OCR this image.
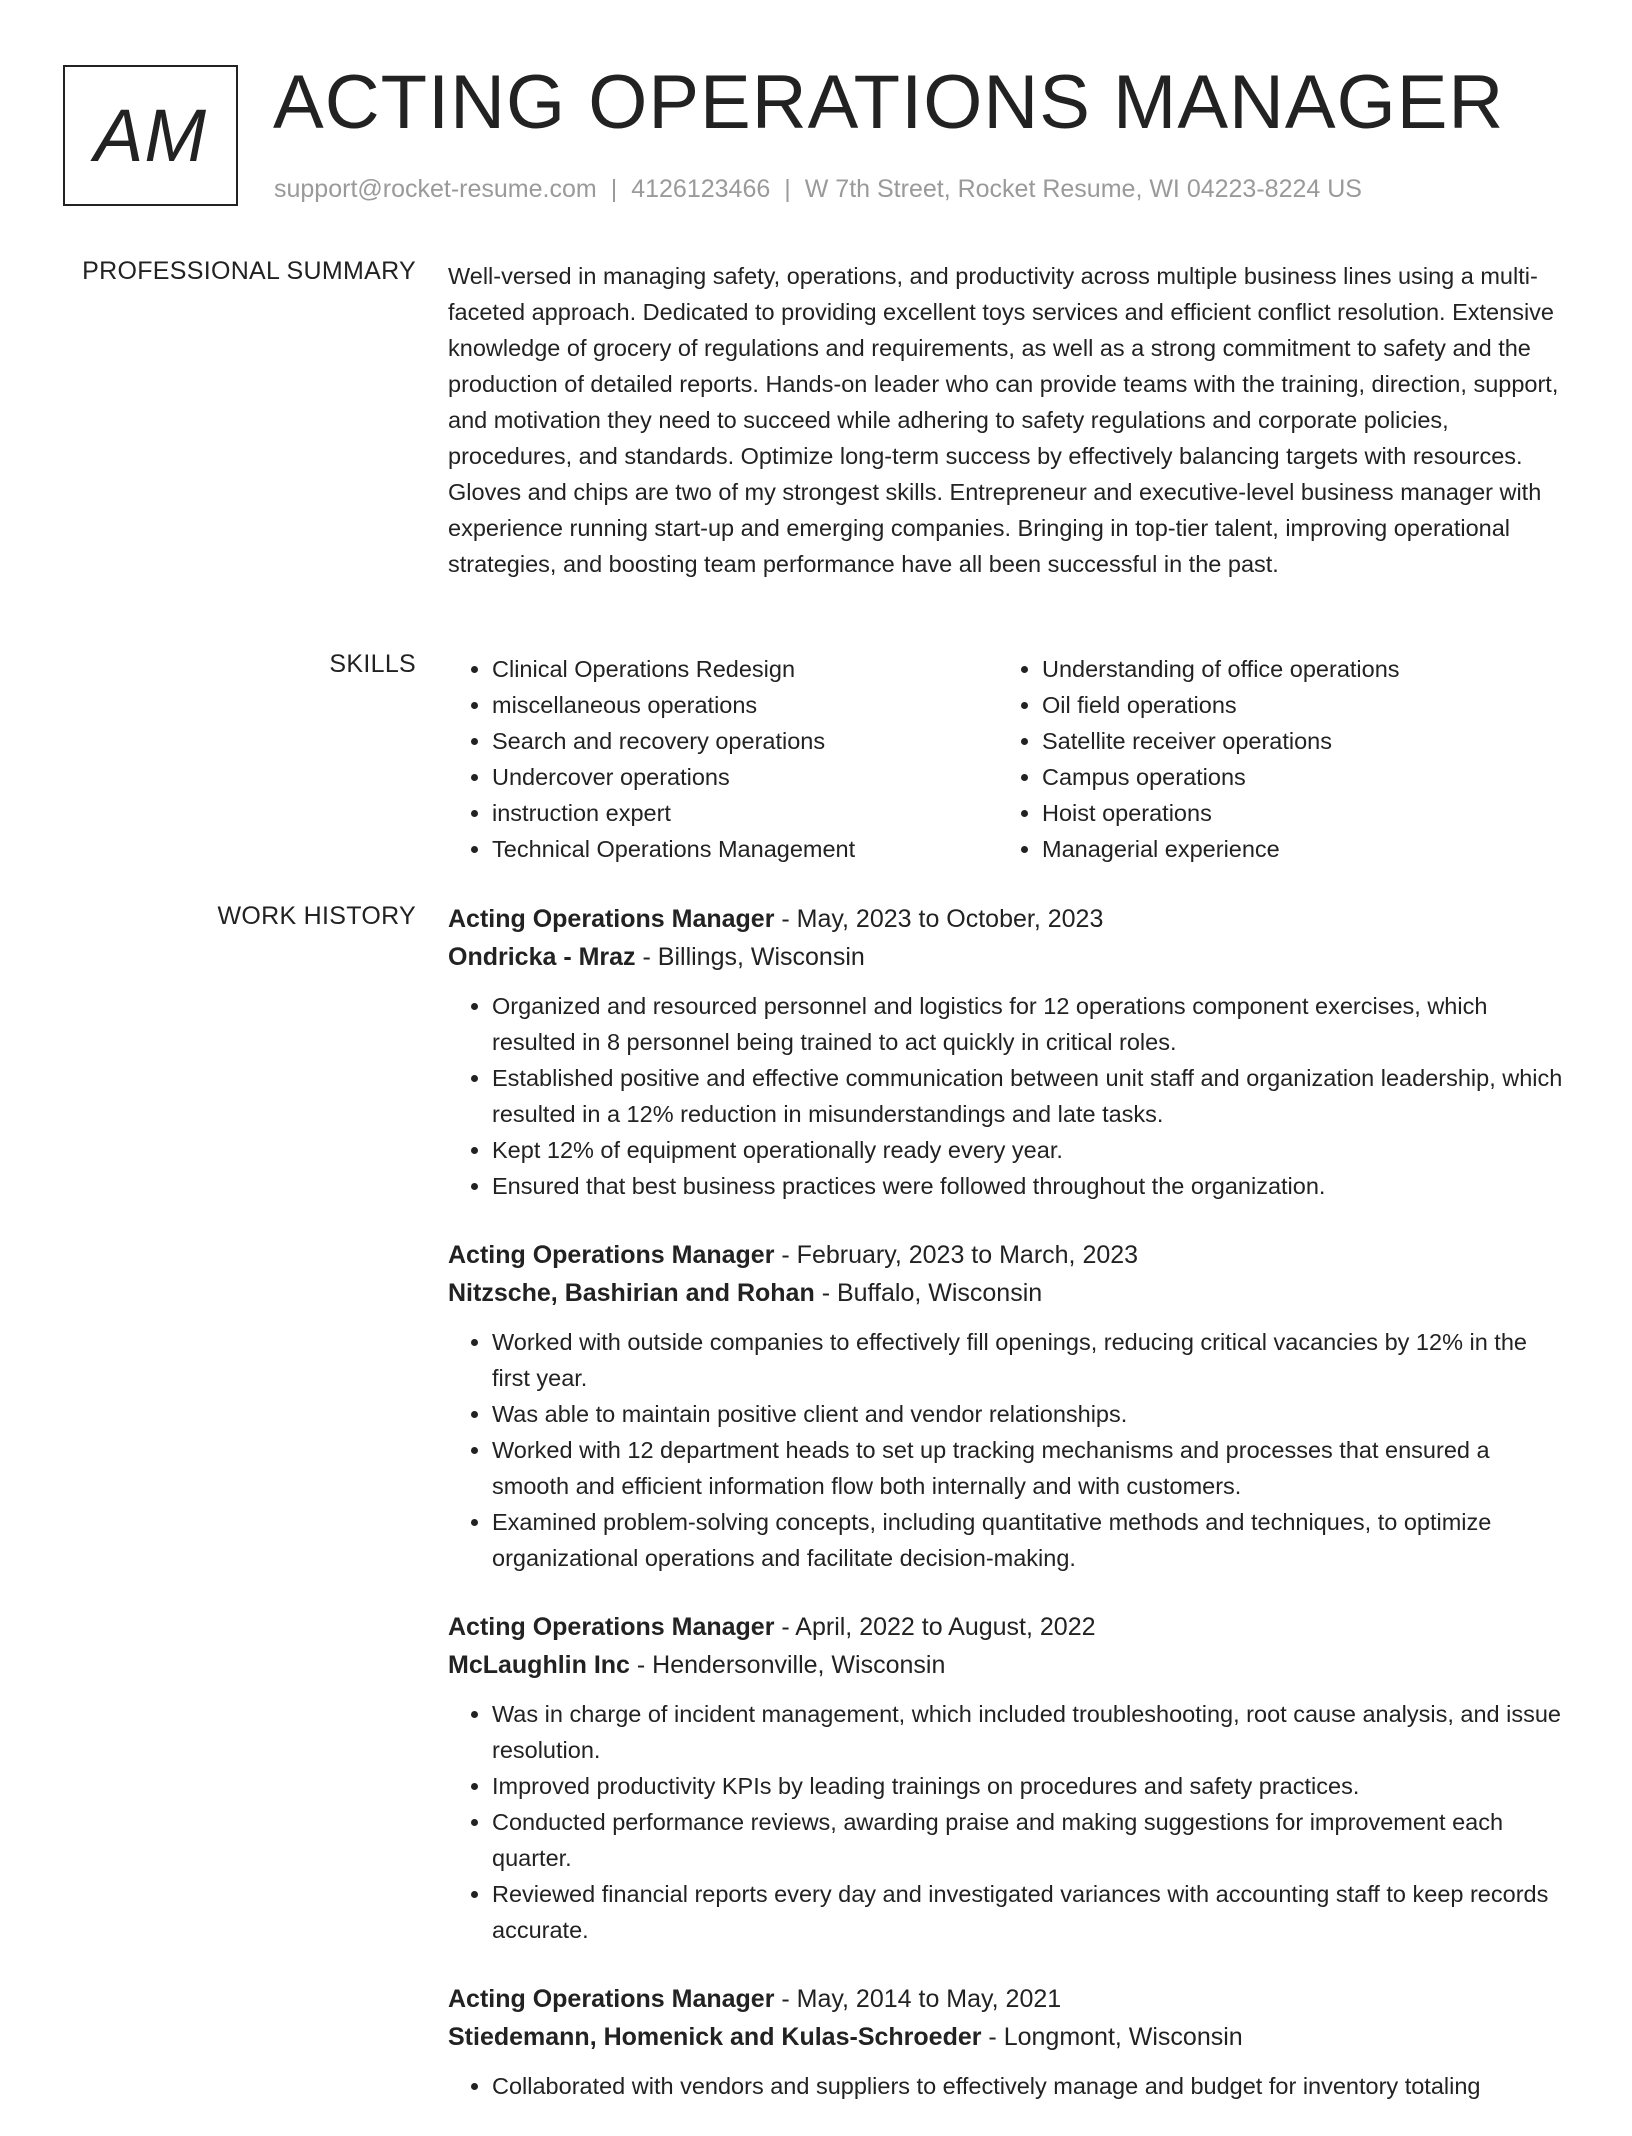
AM ACTING OPERATIONS MANAGER
support@rocket-resume.com | 4126123466 | W 7th Street, Rocket Resume, WI 04223-8224 US
PROFESSIONAL SUMMARY Well-versed in managing safety, operations, and productivity across multiple business lines using a multi-faceted approach. Dedicated to providing excellent toys services and efficient conflict resolution. Extensive knowledge of grocery of regulations and requirements, as well as a strong commitment to safety and the production of detailed reports. Hands-on leader who can provide teams with the training, direction, support, and motivation they need to succeed while adhering to safety regulations and corporate policies, procedures, and standards. Optimize long-term success by effectively balancing targets with resources. Gloves and chips are two of my strongest skills. Entrepreneur and executive-level business manager with experience running start-up and emerging companies. Bringing in top-tier talent, improving operational strategies, and boosting team performance have all been successful in the past.

SKILLS
•	Clinical Operations Redesign
• miscellaneous operations
• Search and recovery operations
• Undercover operations
• instruction expert
• Technical Operations Management
• Understanding of office operations
• Oil field operations
• Satellite receiver operations
• Campus operations
• Hoist operations
• Managerial experience
WORK HISTORY Acting Operations Manager - May, 2023 to October, 2023
Ondricka - Mraz - Billings, Wisconsin
• Organized and resourced personnel and logistics for 12 operations component exercises, which resulted in 8 personnel being trained to act quickly in critical roles.
• Established positive and effective communication between unit staff and organization leadership, which resulted in a 12% reduction in misunderstandings and late tasks.
• Kept 12% of equipment operationally ready every year.
• Ensured that best business practices were followed throughout the organization.
Acting Operations Manager - February, 2023 to March, 2023
Nitzsche, Bashirian and Rohan - Buffalo, Wisconsin
• Worked with outside companies to effectively fill openings, reducing critical vacancies by 12% in the first year.
• Was able to maintain positive client and vendor relationships.
• Worked with 12 department heads to set up tracking mechanisms and processes that ensured a smooth and efficient information flow both internally and with customers.
• Examined problem-solving concepts, including quantitative methods and techniques, to optimize organizational operations and facilitate decision-making.
Acting Operations Manager - April, 2022 to August, 2022
McLaughlin Inc - Hendersonville, Wisconsin
• Was in charge of incident management, which included troubleshooting, root cause analysis, and issue resolution.
• Improved productivity KPIs by leading trainings on procedures and safety practices.
• Conducted performance reviews, awarding praise and making suggestions for improvement each quarter.
• Reviewed financial reports every day and investigated variances with accounting staff to keep records accurate.
Acting Operations Manager - May, 2014 to May, 2021
Stiedemann, Homenick and Kulas-Schroeder - Longmont, Wisconsin
• Collaborated with vendors and suppliers to effectively manage and budget for inventory totaling
